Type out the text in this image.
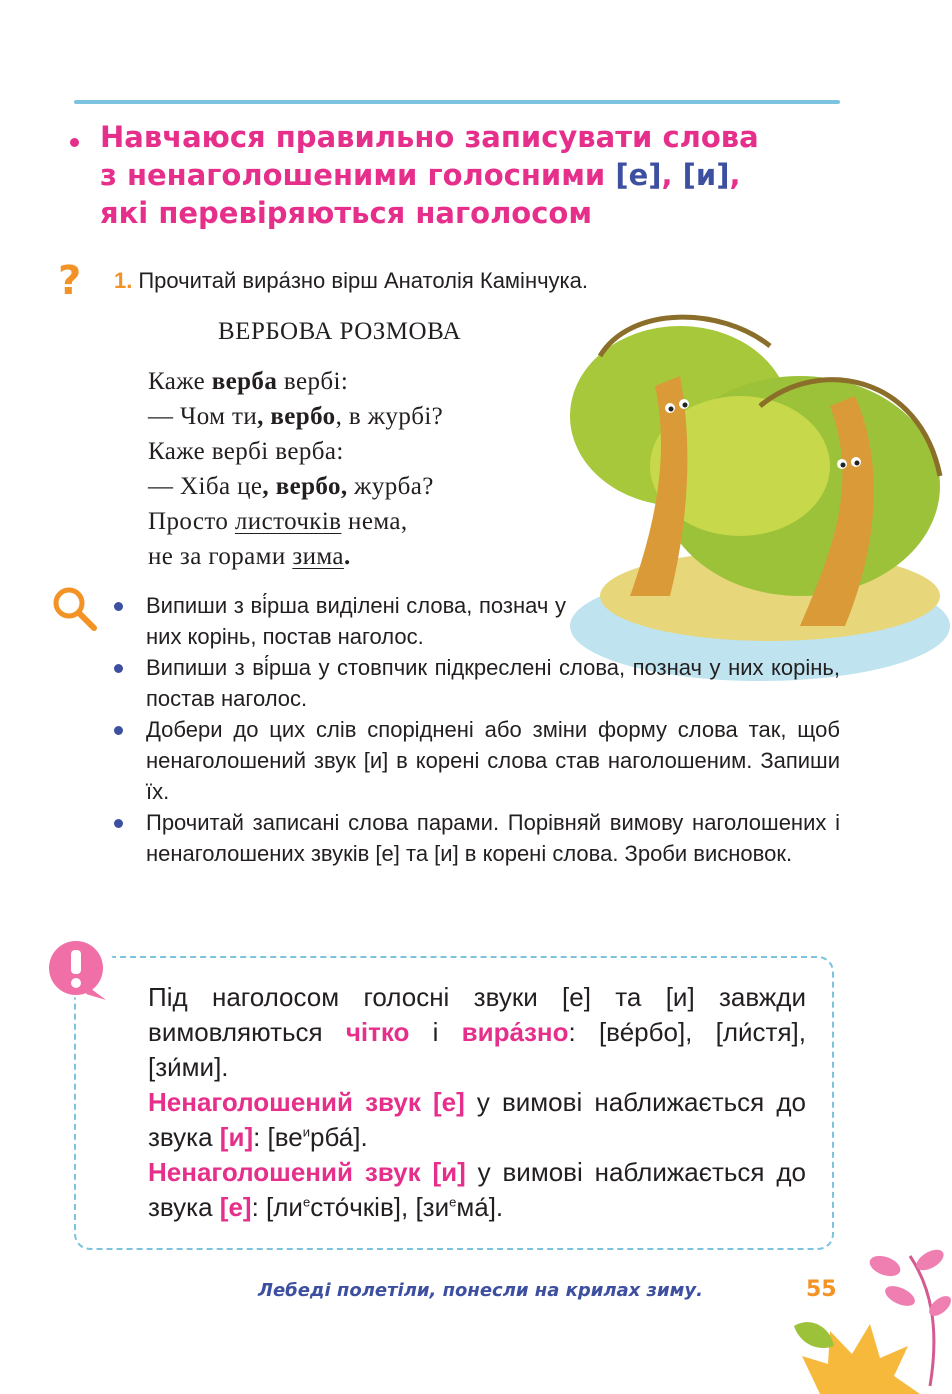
Навчаюся правильно записувати слова
з ненаголошеними голосними [е], [и],
які перевіряються наголосом
? 1. Прочитай вира́зно вірш Анатолія Камінчука.
ВЕРБОВА РОЗМОВА
Каже верба вербі:
— Чом ти, вербо, в журбі?
Каже вербі верба:
— Хіба це, вербо, журба?
Просто листочків нема,
не за горами зима.
Випиши з ві́рша виділені слова, познач у них корінь, постав наголос.
Випиши з ві́рша у стовпчик підкреслені слова, познач у них корінь, постав наголос.
Добери до цих слів споріднені або зміни форму слова так, щоб ненаголошений звук [и] в корені слова став наголошеним. Запиши їх.
Прочитай записані слова парами. Порівняй вимову наголошених і ненаголошених звуків [е] та [и] в корені слова. Зроби висновок.
Під наголосом голосні звуки [е] та [и] завжди вимовляються чітко і вира́зно: [ве́рбо], [ли́стя], [зи́ми].
Ненаголошений звук [е] у вимові наближається до звука [и]: $[ве^ирба́]$.
Ненаголошений звук [и] у вимові наближається до звука [е]: $[ли^есто́чків]$, $[зи^ема́]$.
Лебеді полетіли, понесли на крилах зиму.	55
